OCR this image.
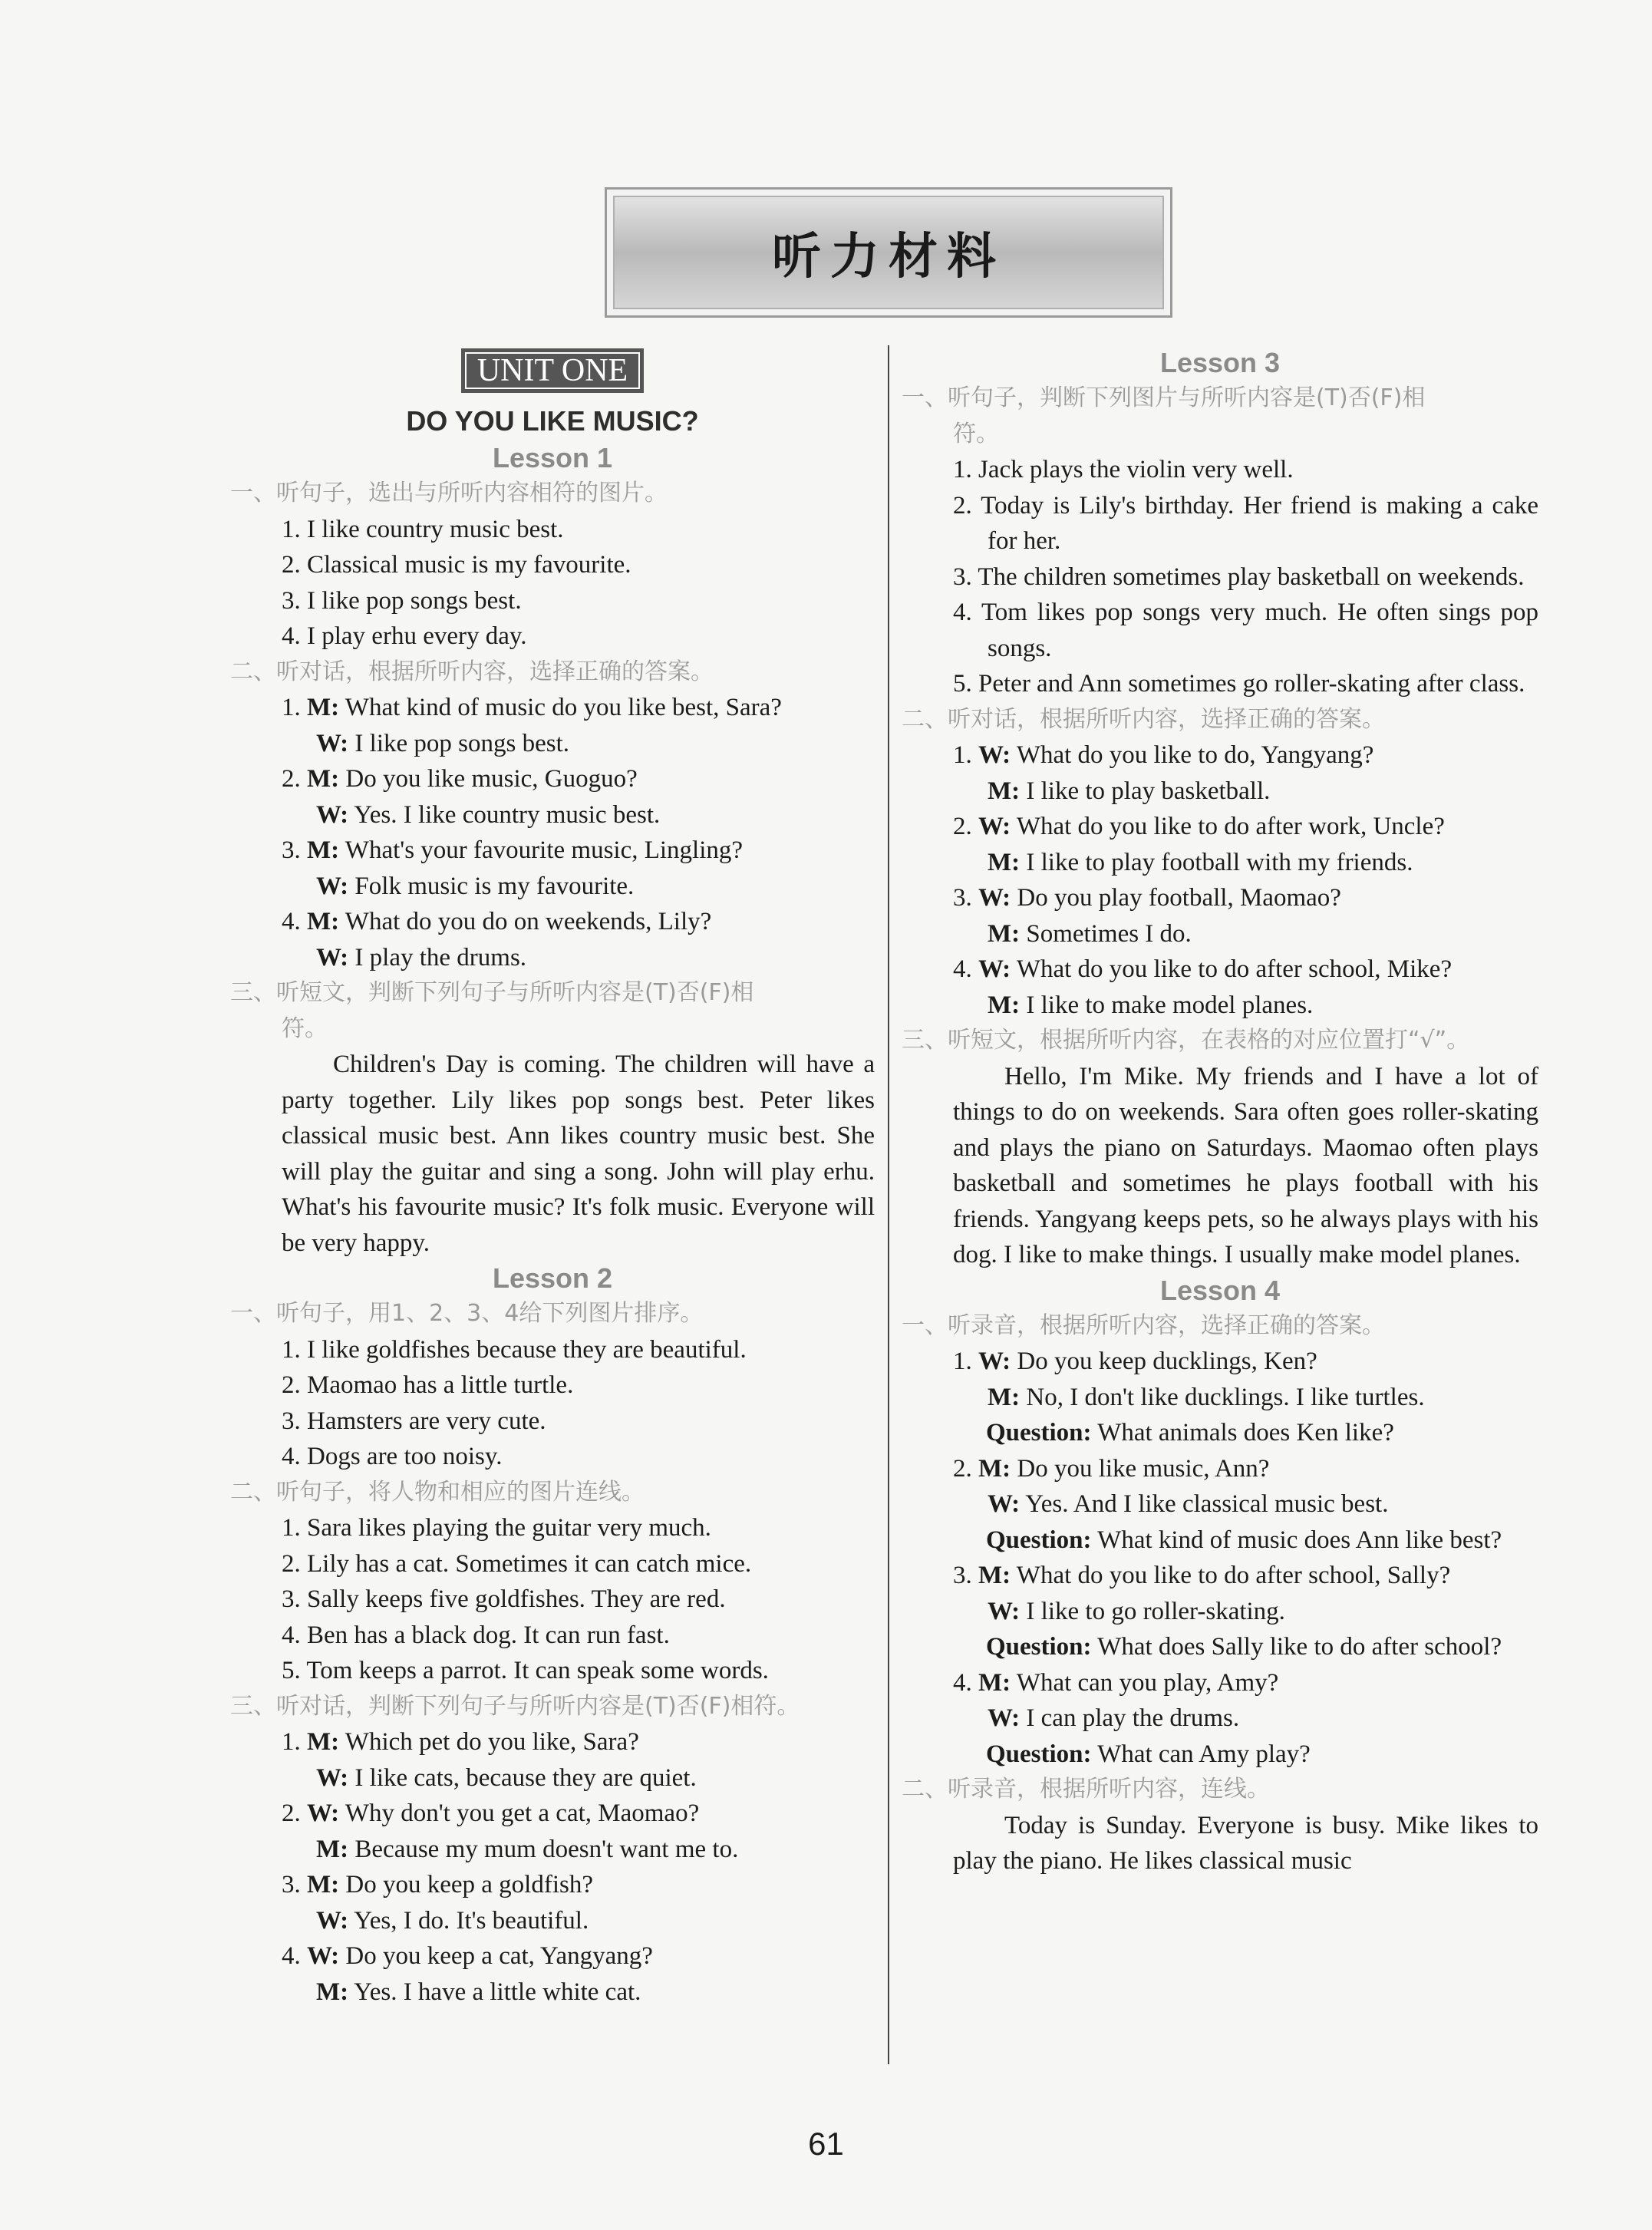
听力材料
UNIT ONE
DO YOU LIKE MUSIC?
Lesson 1

一、听句子，选出与所听内容相符的图片。

1. I like country music best.

2. Classical music is my favourite.

3. I like pop songs best.

4. I play erhu every day.

二、听对话，根据所听内容，选择正确的答案。

1. M: What kind of music do you like best, Sara?

W: I like pop songs best.

2. M: Do you like music, Guoguo?

W: Yes. I like country music best.

3. M: What's your favourite music, Lingling?

W: Folk music is my favourite.

4. M: What do you do on weekends, Lily?

W: I play the drums.

三、听短文，判断下列句子与所听内容是(T)否(F)相

符。

Children's Day is coming. The children will have a party together. Lily likes pop songs best. Peter likes classical music best. Ann likes country music best. She will play the guitar and sing a song. John will play erhu. What's his favourite music? It's folk music. Everyone will be very happy.

Lesson 2

一、听句子，用1、2、3、4给下列图片排序。

1. I like goldfishes because they are beautiful.

2. Maomao has a little turtle.

3. Hamsters are very cute.

4. Dogs are too noisy.

二、听句子，将人物和相应的图片连线。

1. Sara likes playing the guitar very much.

2. Lily has a cat. Sometimes it can catch mice.

3. Sally keeps five goldfishes. They are red.

4. Ben has a black dog. It can run fast.

5. Tom keeps a parrot. It can speak some words.

三、听对话，判断下列句子与所听内容是(T)否(F)相符。

1. M: Which pet do you like, Sara?

W: I like cats, because they are quiet.

2. W: Why don't you get a cat, Maomao?

M: Because my mum doesn't want me to.

3. M: Do you keep a goldfish?

W: Yes, I do. It's beautiful.

4. W: Do you keep a cat, Yangyang?

M: Yes. I have a little white cat.

Lesson 3

一、听句子，判断下列图片与所听内容是(T)否(F)相

符。

1. Jack plays the violin very well.

2. Today is Lily's birthday. Her friend is making a cake for her.

3. The children sometimes play basketball on weekends.

4. Tom likes pop songs very much. He often sings pop songs.

5. Peter and Ann sometimes go roller-skating after class.

二、听对话，根据所听内容，选择正确的答案。

1. W: What do you like to do, Yangyang?

M: I like to play basketball.

2. W: What do you like to do after work, Uncle?

M: I like to play football with my friends.

3. W: Do you play football, Maomao?

M: Sometimes I do.

4. W: What do you like to do after school, Mike?

M: I like to make model planes.

三、听短文，根据所听内容，在表格的对应位置打“√”。

Hello, I'm Mike. My friends and I have a lot of things to do on weekends. Sara often goes roller-skating and plays the piano on Saturdays. Maomao often plays basketball and sometimes he plays football with his friends. Yangyang keeps pets, so he always plays with his dog. I like to make things. I usually make model planes.

Lesson 4

一、听录音，根据所听内容，选择正确的答案。

1. W: Do you keep ducklings, Ken?

M: No, I don't like ducklings. I like turtles.

Question: What animals does Ken like?

2. M: Do you like music, Ann?

W: Yes. And I like classical music best.

Question: What kind of music does Ann like best?

3. M: What do you like to do after school, Sally?

W: I like to go roller-skating.

Question: What does Sally like to do after school?

4. M: What can you play, Amy?

W: I can play the drums.

Question: What can Amy play?

二、听录音，根据所听内容，连线。

Today is Sunday. Everyone is busy. Mike likes to play the piano. He likes classical music

61
